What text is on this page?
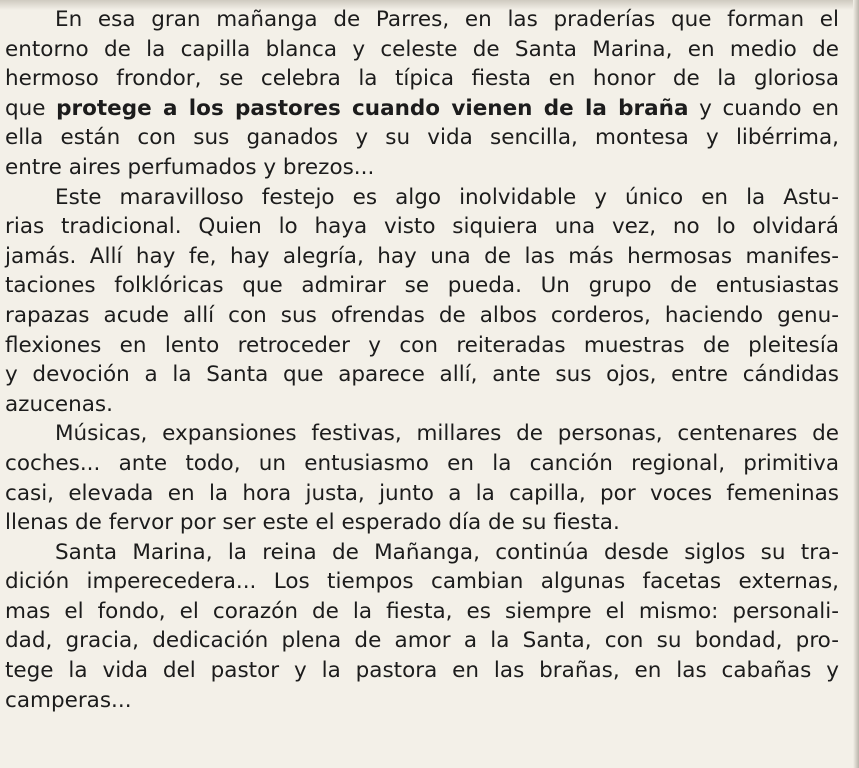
En esa gran mañanga de Parres, en las praderías que forman el
entorno de la capilla blanca y celeste de Santa Marina, en medio de
hermoso frondor, se celebra la típica fiesta en honor de la gloriosa
que protege a los pastores cuando vienen de la braña y cuando en
ella están con sus ganados y su vida sencilla, montesa y libérrima,
entre aires perfumados y brezos...
Este maravilloso festejo es algo inolvidable y único en la Astu-
rias tradicional. Quien lo haya visto siquiera una vez, no lo olvidará
jamás. Allí hay fe, hay alegría, hay una de las más hermosas manifes-
taciones folklóricas que admirar se pueda. Un grupo de entusiastas
rapazas acude allí con sus ofrendas de albos corderos, haciendo genu-
flexiones en lento retroceder y con reiteradas muestras de pleitesía
y devoción a la Santa que aparece allí, ante sus ojos, entre cándidas
azucenas.
Músicas, expansiones festivas, millares de personas, centenares de
coches... ante todo, un entusiasmo en la canción regional, primitiva
casi, elevada en la hora justa, junto a la capilla, por voces femeninas
llenas de fervor por ser este el esperado día de su fiesta.
Santa Marina, la reina de Mañanga, continúa desde siglos su tra-
dición imperecedera... Los tiempos cambian algunas facetas externas,
mas el fondo, el corazón de la fiesta, es siempre el mismo: personali-
dad, gracia, dedicación plena de amor a la Santa, con su bondad, pro-
tege la vida del pastor y la pastora en las brañas, en las cabañas y
camperas...
